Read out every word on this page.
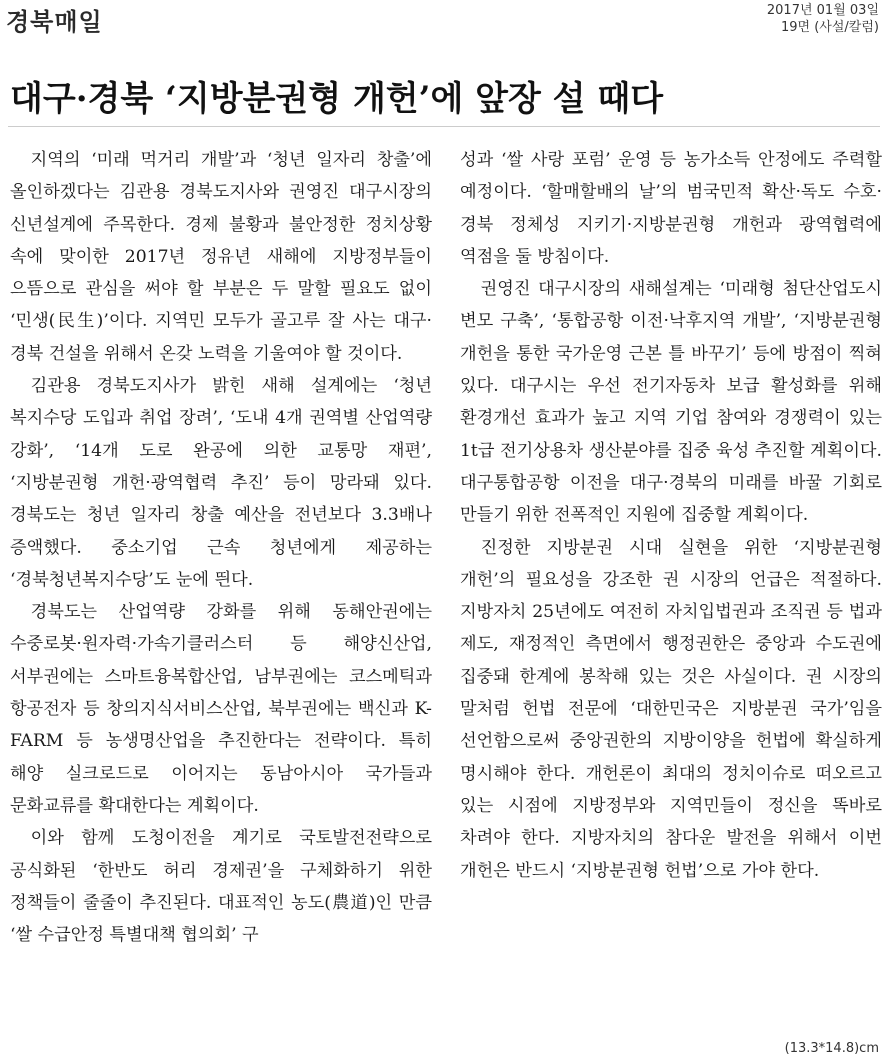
경북매일	2017년 01월 03일
19면 (사설/칼럼)
대구·경북 ‘지방분권형 개헌’에 앞장 설 때다

지역의 ‘미래 먹거리 개발’과 ‘청년 일자리 창출’에 올인하겠다는 김관용 경북도지사와 권영진 대구시장의 신년설계에 주목한다. 경제 불황과 불안정한 정치상황 속에 맞이한 2017년 정유년 새해에 지방정부들이 으뜸으로 관심을 써야 할 부분은 두 말할 필요도 없이 ‘민생(民生)’이다. 지역민 모두가 골고루 잘 사는 대구·경북 건설을 위해서 온갖 노력을 기울여야 할 것이다.

김관용 경북도지사가 밝힌 새해 설계에는 ‘청년 복지수당 도입과 취업 장려’, ‘도내 4개 권역별 산업역량 강화’, ‘14개 도로 완공에 의한 교통망 재편’, ‘지방분권형 개헌·광역협력 추진’ 등이 망라돼 있다. 경북도는 청년 일자리 창출 예산을 전년보다 3.3배나 증액했다. 중소기업 근속 청년에게 제공하는 ‘경북청년복지수당’도 눈에 띈다.

경북도는 산업역량 강화를 위해 동해안권에는 수중로봇·원자력·가속기클러스터 등 해양신산업, 서부권에는 스마트융복합산업, 남부권에는 코스메틱과 항공전자 등 창의지식서비스산업, 북부권에는 백신과 K-FARM 등 농생명산업을 추진한다는 전략이다. 특히 해양 실크로드로 이어지는 동남아시아 국가들과 문화교류를 확대한다는 계획이다.

이와 함께 도청이전을 계기로 국토발전전략으로 공식화된 ‘한반도 허리 경제권’을 구체화하기 위한 정책들이 줄줄이 추진된다. 대표적인 농도(農道)인 만큼 ‘쌀 수급안정 특별대책 협의회’ 구

성과 ‘쌀 사랑 포럼’ 운영 등 농가소득 안정에도 주력할 예정이다. ‘할매할배의 날’의 범국민적 확산·독도 수호·경북 정체성 지키기·지방분권형 개헌과 광역협력에 역점을 둘 방침이다.

권영진 대구시장의 새해설계는 ‘미래형 첨단산업도시 변모 구축’, ‘통합공항 이전·낙후지역 개발’, ‘지방분권형 개헌을 통한 국가운영 근본 틀 바꾸기’ 등에 방점이 찍혀 있다. 대구시는 우선 전기자동차 보급 활성화를 위해 환경개선 효과가 높고 지역 기업 참여와 경쟁력이 있는 1t급 전기상용차 생산분야를 집중 육성 추진할 계획이다. 대구통합공항 이전을 대구·경북의 미래를 바꿀 기회로 만들기 위한 전폭적인 지원에 집중할 계획이다.

진정한 지방분권 시대 실현을 위한 ‘지방분권형 개헌’의 필요성을 강조한 권 시장의 언급은 적절하다. 지방자치 25년에도 여전히 자치입법권과 조직권 등 법과 제도, 재정적인 측면에서 행정권한은 중앙과 수도권에 집중돼 한계에 봉착해 있는 것은 사실이다. 권 시장의 말처럼 헌법 전문에 ‘대한민국은 지방분권 국가’임을 선언함으로써 중앙권한의 지방이양을 헌법에 확실하게 명시해야 한다. 개헌론이 최대의 정치이슈로 떠오르고 있는 시점에 지방정부와 지역민들이 정신을 똑바로 차려야 한다. 지방자치의 참다운 발전을 위해서 이번 개헌은 반드시 ‘지방분권형 헌법’으로 가야 한다.

(13.3*14.8)cm
